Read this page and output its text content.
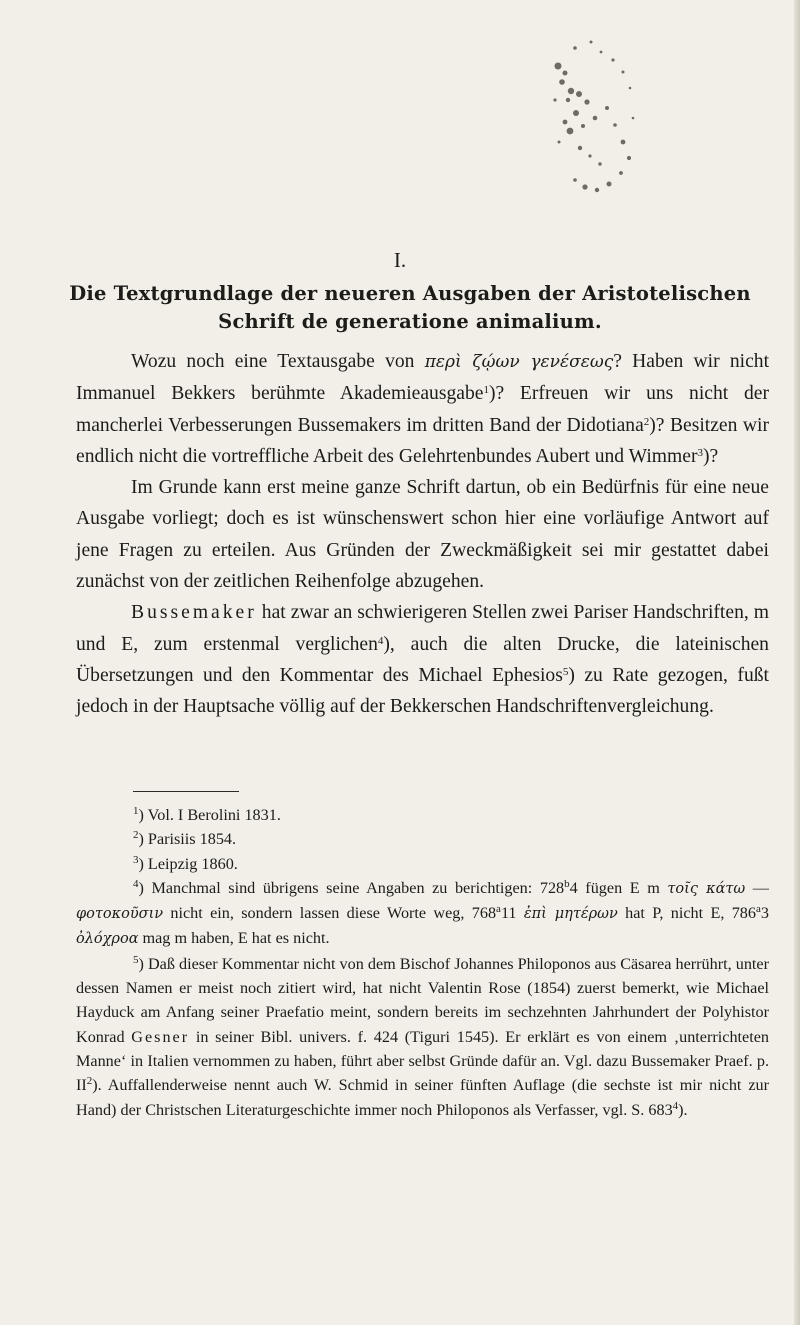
I.
Die Textgrundlage der neueren Ausgaben der Aristotelischen
Schrift de generatione animalium.

Wozu noch eine Textausgabe von περὶ ζῴων γενέσεως? Haben wir nicht Immanuel Bekkers berühmte Akademieausgabe$^1$)? Erfreuen wir uns nicht der mancherlei Verbesserungen Bussemakers im dritten Band der Didotiana$^2$)? Besitzen wir endlich nicht die vortreffliche Arbeit des Gelehrtenbundes Aubert und Wimmer$^3$)?

Im Grunde kann erst meine ganze Schrift dartun, ob ein Bedürfnis für eine neue Ausgabe vorliegt; doch es ist wünschenswert schon hier eine vorläufige Antwort auf jene Fragen zu erteilen. Aus Gründen der Zweckmäßigkeit sei mir gestattet dabei zunächst von der zeitlichen Reihenfolge abzugehen.

Bussemaker hat zwar an schwierigeren Stellen zwei Pariser Handschriften, m und E, zum erstenmal verglichen$^4$), auch die alten Drucke, die lateinischen Übersetzungen und den Kommentar des Michael Ephesios$^5$) zu Rate gezogen, fußt jedoch in der Hauptsache völlig auf der Bekkerschen Handschriftenvergleichung.

$^1$) Vol. I Berolini 1831.

$^2$) Parisiis 1854.

$^3$) Leipzig 1860.

$^4$) Manchmal sind übrigens seine Angaben zu berichtigen: 728$^b$4 fügen E m τοῖς κάτω — φοτοκοῦσιν nicht ein, sondern lassen diese Worte weg, 768$^a$11 ἐπὶ μητέρων hat P, nicht E, 786$^a$3 ὀλόχροα mag m haben, E hat es nicht.

$^5$) Daß dieser Kommentar nicht von dem Bischof Johannes Philoponos aus Cäsarea herrührt, unter dessen Namen er meist noch zitiert wird, hat nicht Valentin Rose (1854) zuerst bemerkt, wie Michael Hayduck am Anfang seiner Praefatio meint, sondern bereits im sechzehnten Jahrhundert der Polyhistor Konrad Gesner in seiner Bibl. univers. f. 424 (Tiguri 1545). Er erklärt es von einem ‚unterrichteten Manne‘ in Italien vernommen zu haben, führt aber selbst Gründe dafür an. Vgl. dazu Bussemaker Praef. p. $II^2$). Auffallenderweise nennt auch W. Schmid in seiner fünften Auflage (die sechste ist mir nicht zur Hand) der Christschen Literaturgeschichte immer noch Philoponos als Verfasser, vgl. S. $683^4$).
